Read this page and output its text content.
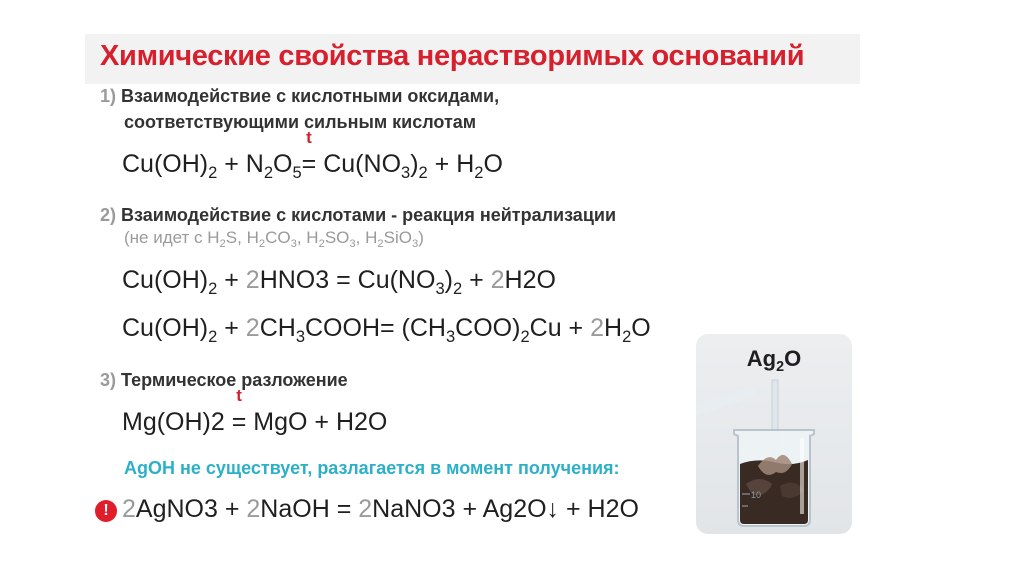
Химические свойства нерастворимых оснований
1) Взаимодействие с кислотными оксидами,
соответствующими сильным кислотам
$Cu(OH)_2 + N_2O_5$
t
= $Cu(NO_3)_2 + H_2O$
2) Взаимодействие с кислотами - реакция нейтрализации
(не идет с $H_2S$, $H_2CO_3$, $H_2SO_3$, $H_2SiO_3$)
$Cu(OH)_2 + 2HNO3 = Cu(NO_3)_2 + 2H2O$
$Cu(OH)_2$ + $2CH_3COOH= (CH_3COO)_2Cu + 2H_2O$
3) Термическое разложение
Mg(OH)2
t
= MgO + H2O
AgOH не существует, разлагается в момент получения:
! 2AgNO3 + 2NaOH = 2NaNO3 + Ag2O↓ + H2O
$Ag_2O$
10
